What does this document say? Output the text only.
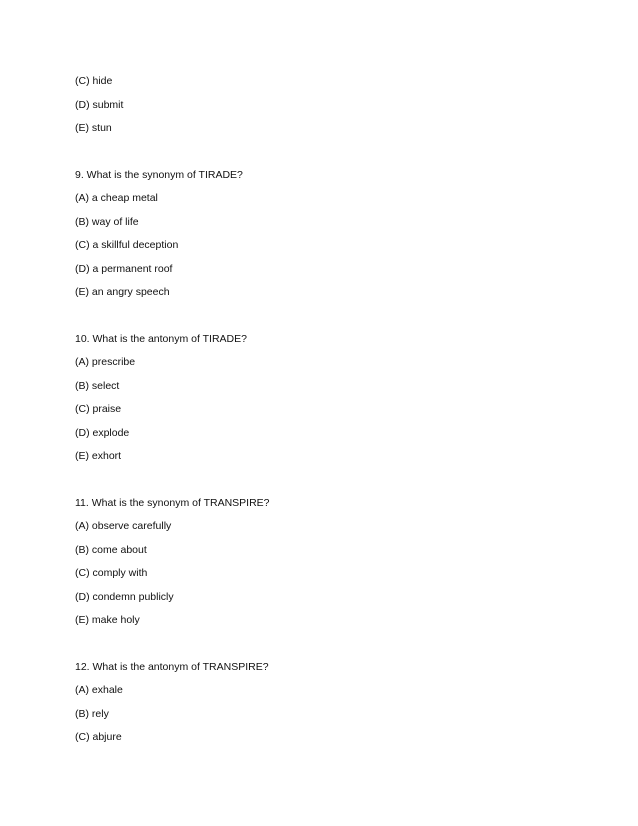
(C) hide

(D) submit

(E) stun

9. What is the synonym of TIRADE?

(A) a cheap metal

(B) way of life

(C) a skillful deception

(D) a permanent roof

(E) an angry speech

10. What is the antonym of TIRADE?

(A) prescribe

(B) select

(C) praise

(D) explode

(E) exhort

11. What is the synonym of TRANSPIRE?

(A) observe carefully

(B) come about

(C) comply with

(D) condemn publicly

(E) make holy

12. What is the antonym of TRANSPIRE?

(A) exhale

(B) rely

(C) abjure
